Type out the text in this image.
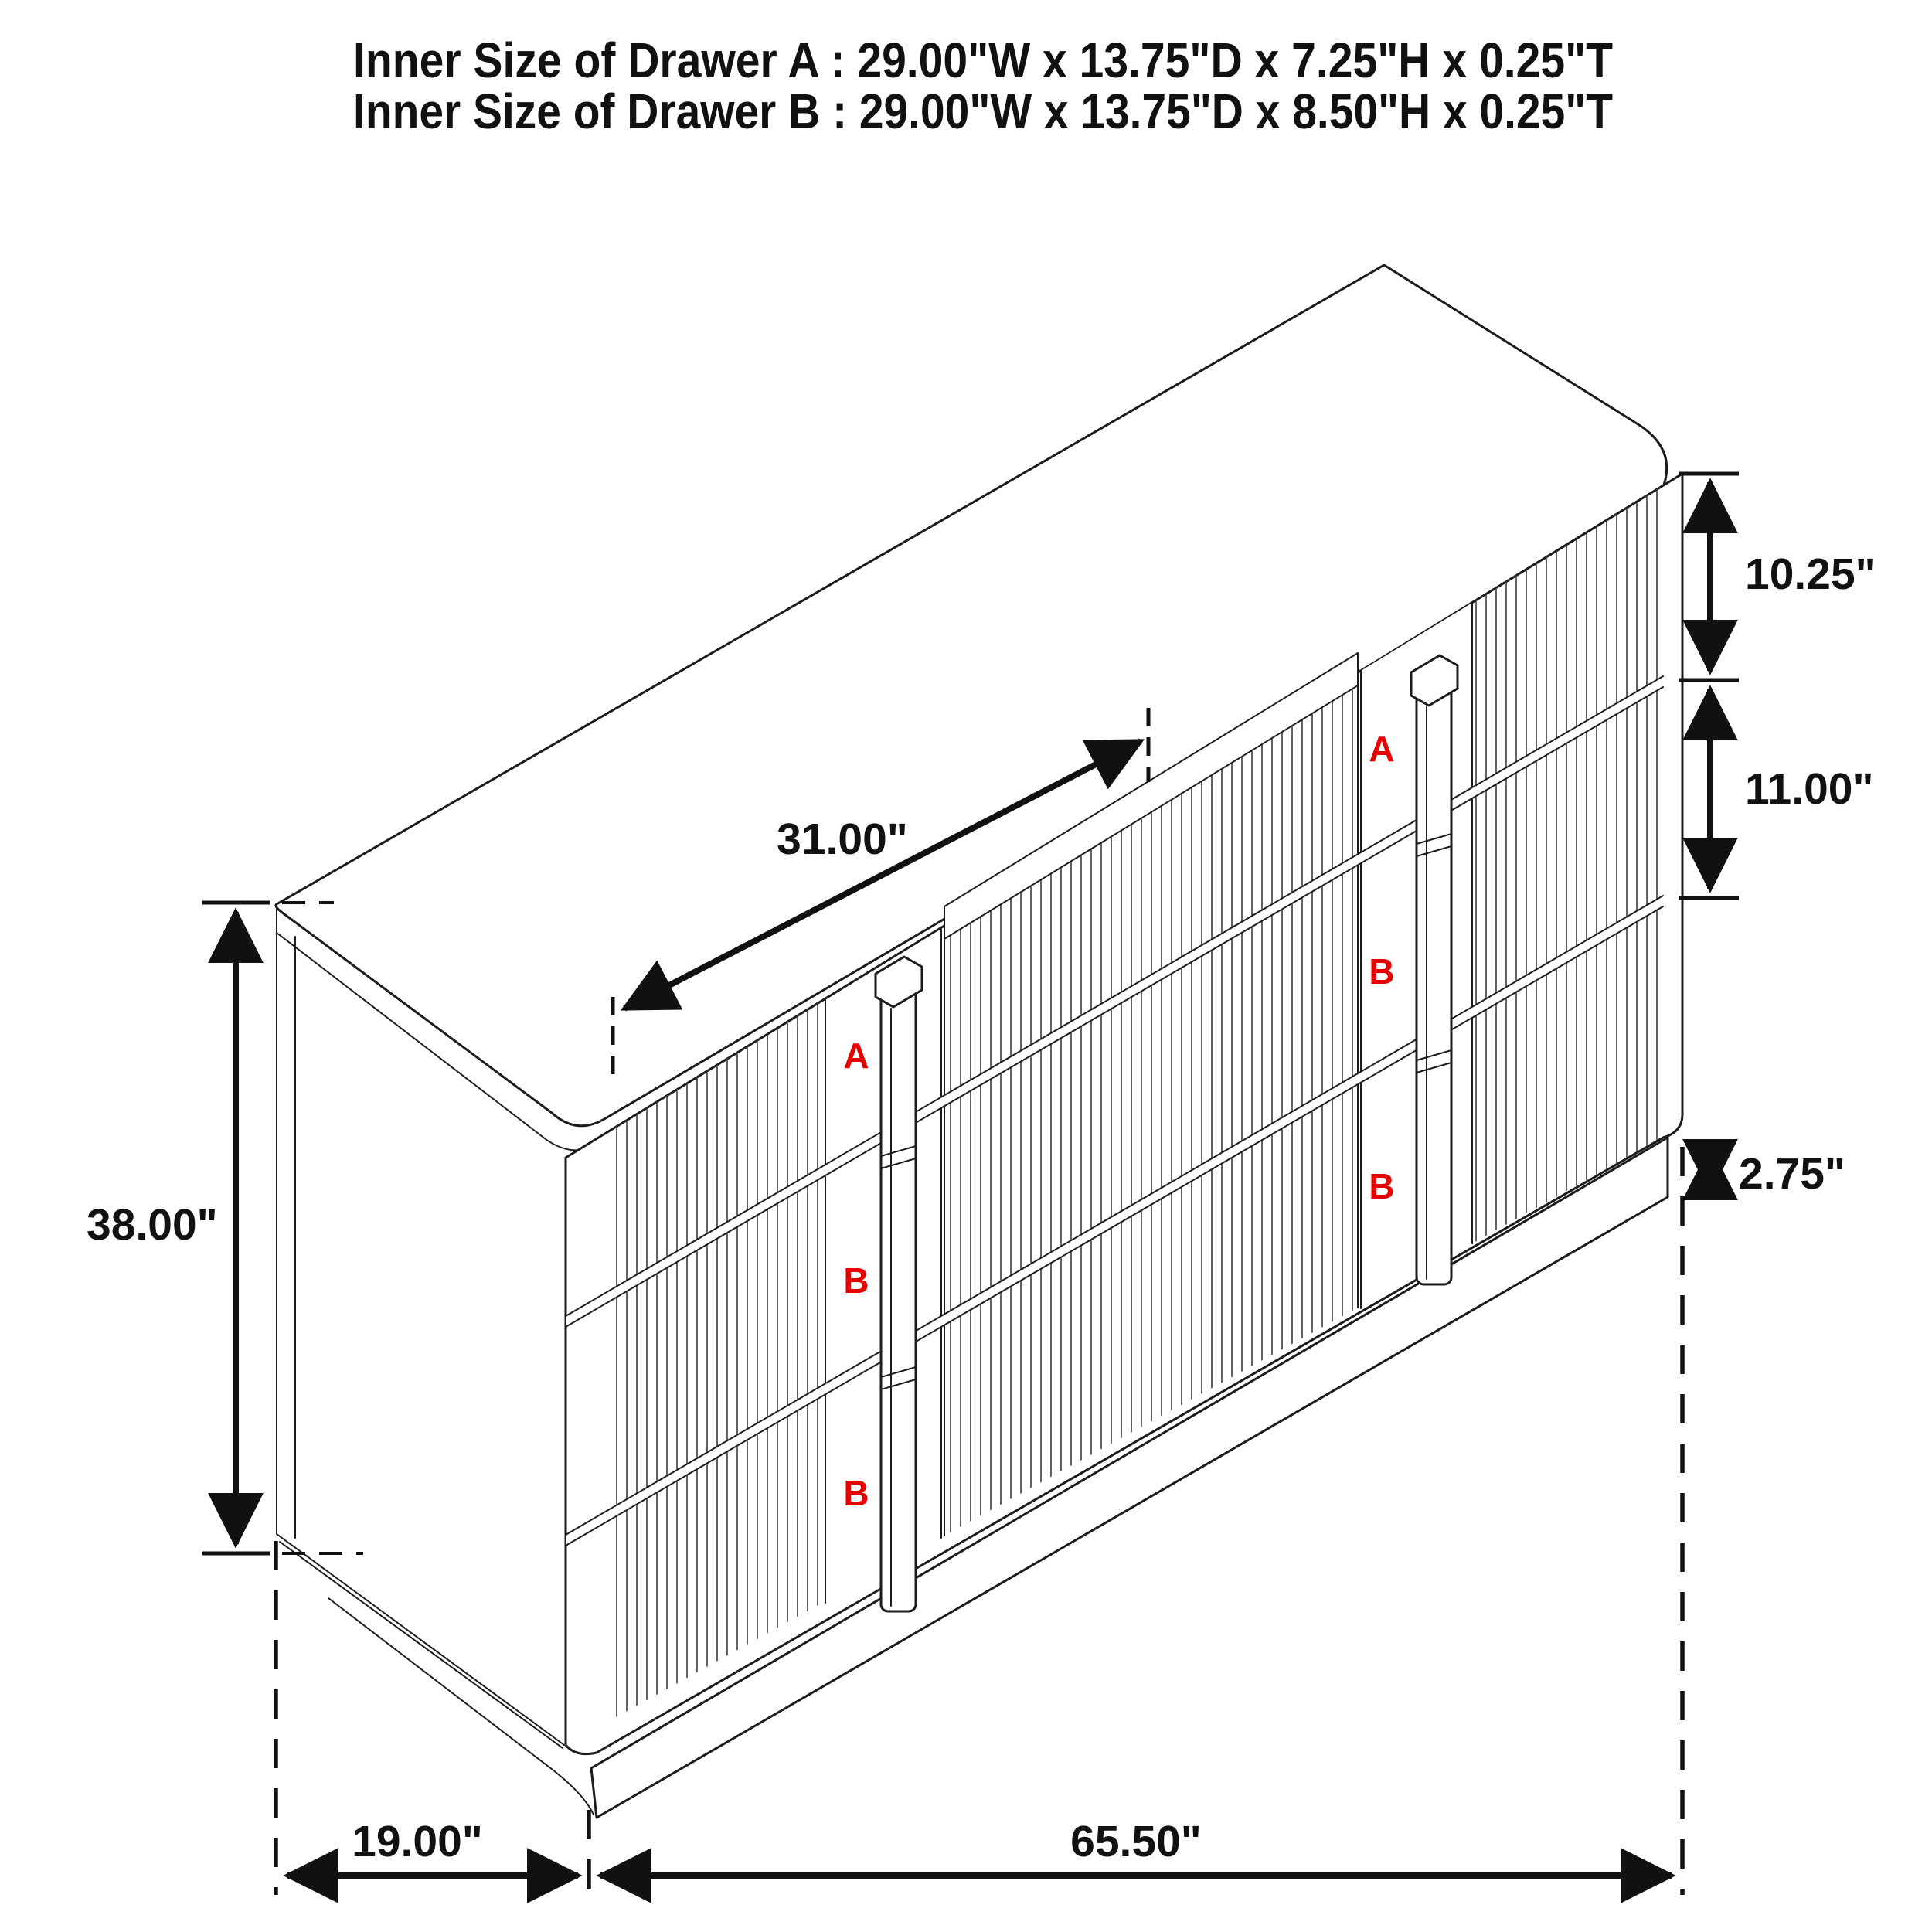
A
B
B
A
B
B
10.25"
11.00"
2.75"
38.00"
31.00"
19.00"	65.50"
Inner Size of Drawer A : 29.00"W x 13.75"D x 7.25"H x 0.25"T
Inner Size of Drawer B : 29.00"W x 13.75"D x 8.50"H x 0.25"T
